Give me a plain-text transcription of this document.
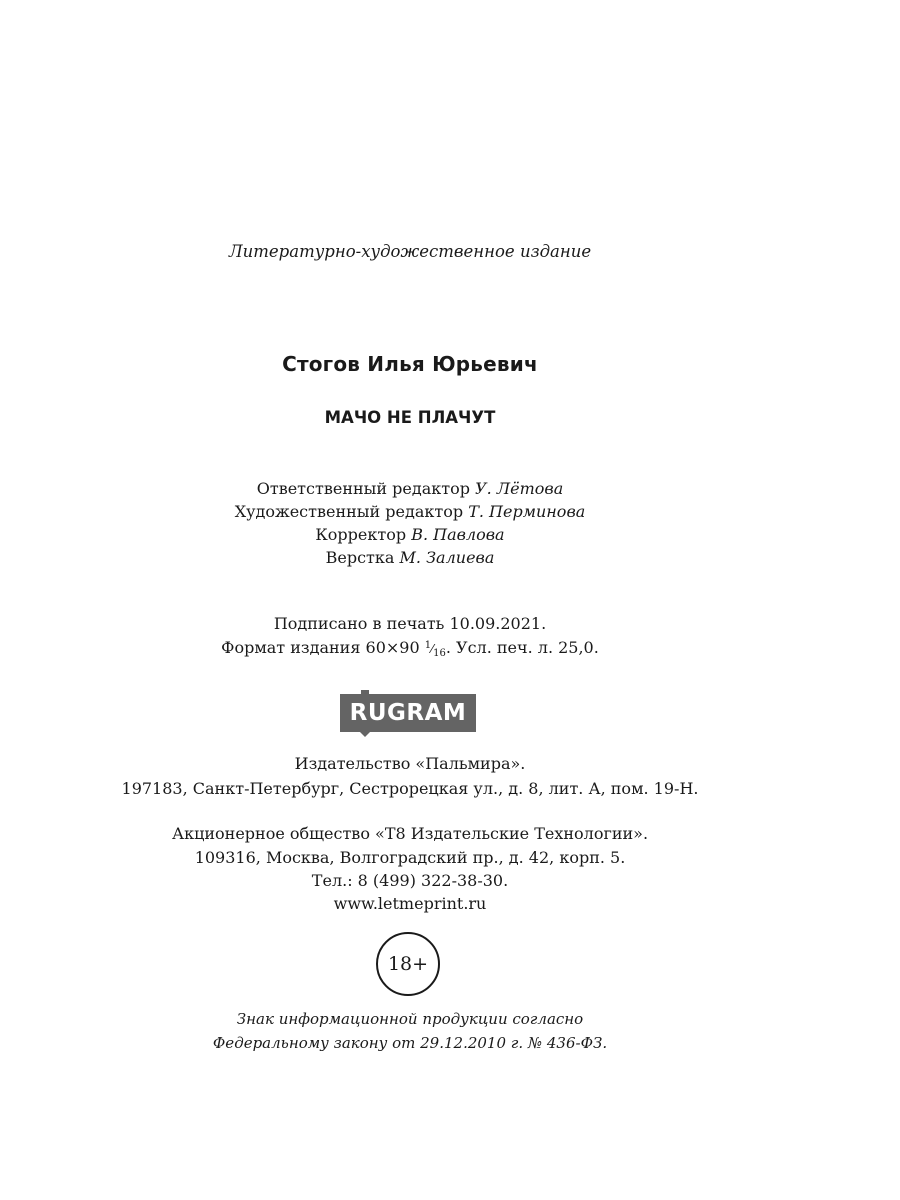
Литературно-художественное издание
Стогов Илья Юрьевич
МАЧО НЕ ПЛАЧУТ
Ответственный редактор У. Лётова
Художественный редактор Т. Перминова
Корректор В. Павлова
Верстка М. Залиева
Подписано в печать 10.09.2021.
Формат издания 60×90 $^1⁄_{16}$. Усл. печ. л. 25,0.
RUGRAM
Издательство «Пальмира».
197183, Санкт-Петербург, Сестрорецкая ул., д. 8, лит. А, пом. 19-Н.
Акционерное общество «Т8 Издательские Технологии».
109316, Москва, Волгоградский пр., д. 42, корп. 5.
Тел.: 8 (499) 322-38-30.
www.letmeprint.ru
18+
Знак информационной продукции согласно
Федеральному закону от 29.12.2010 г. № 436-ФЗ.
